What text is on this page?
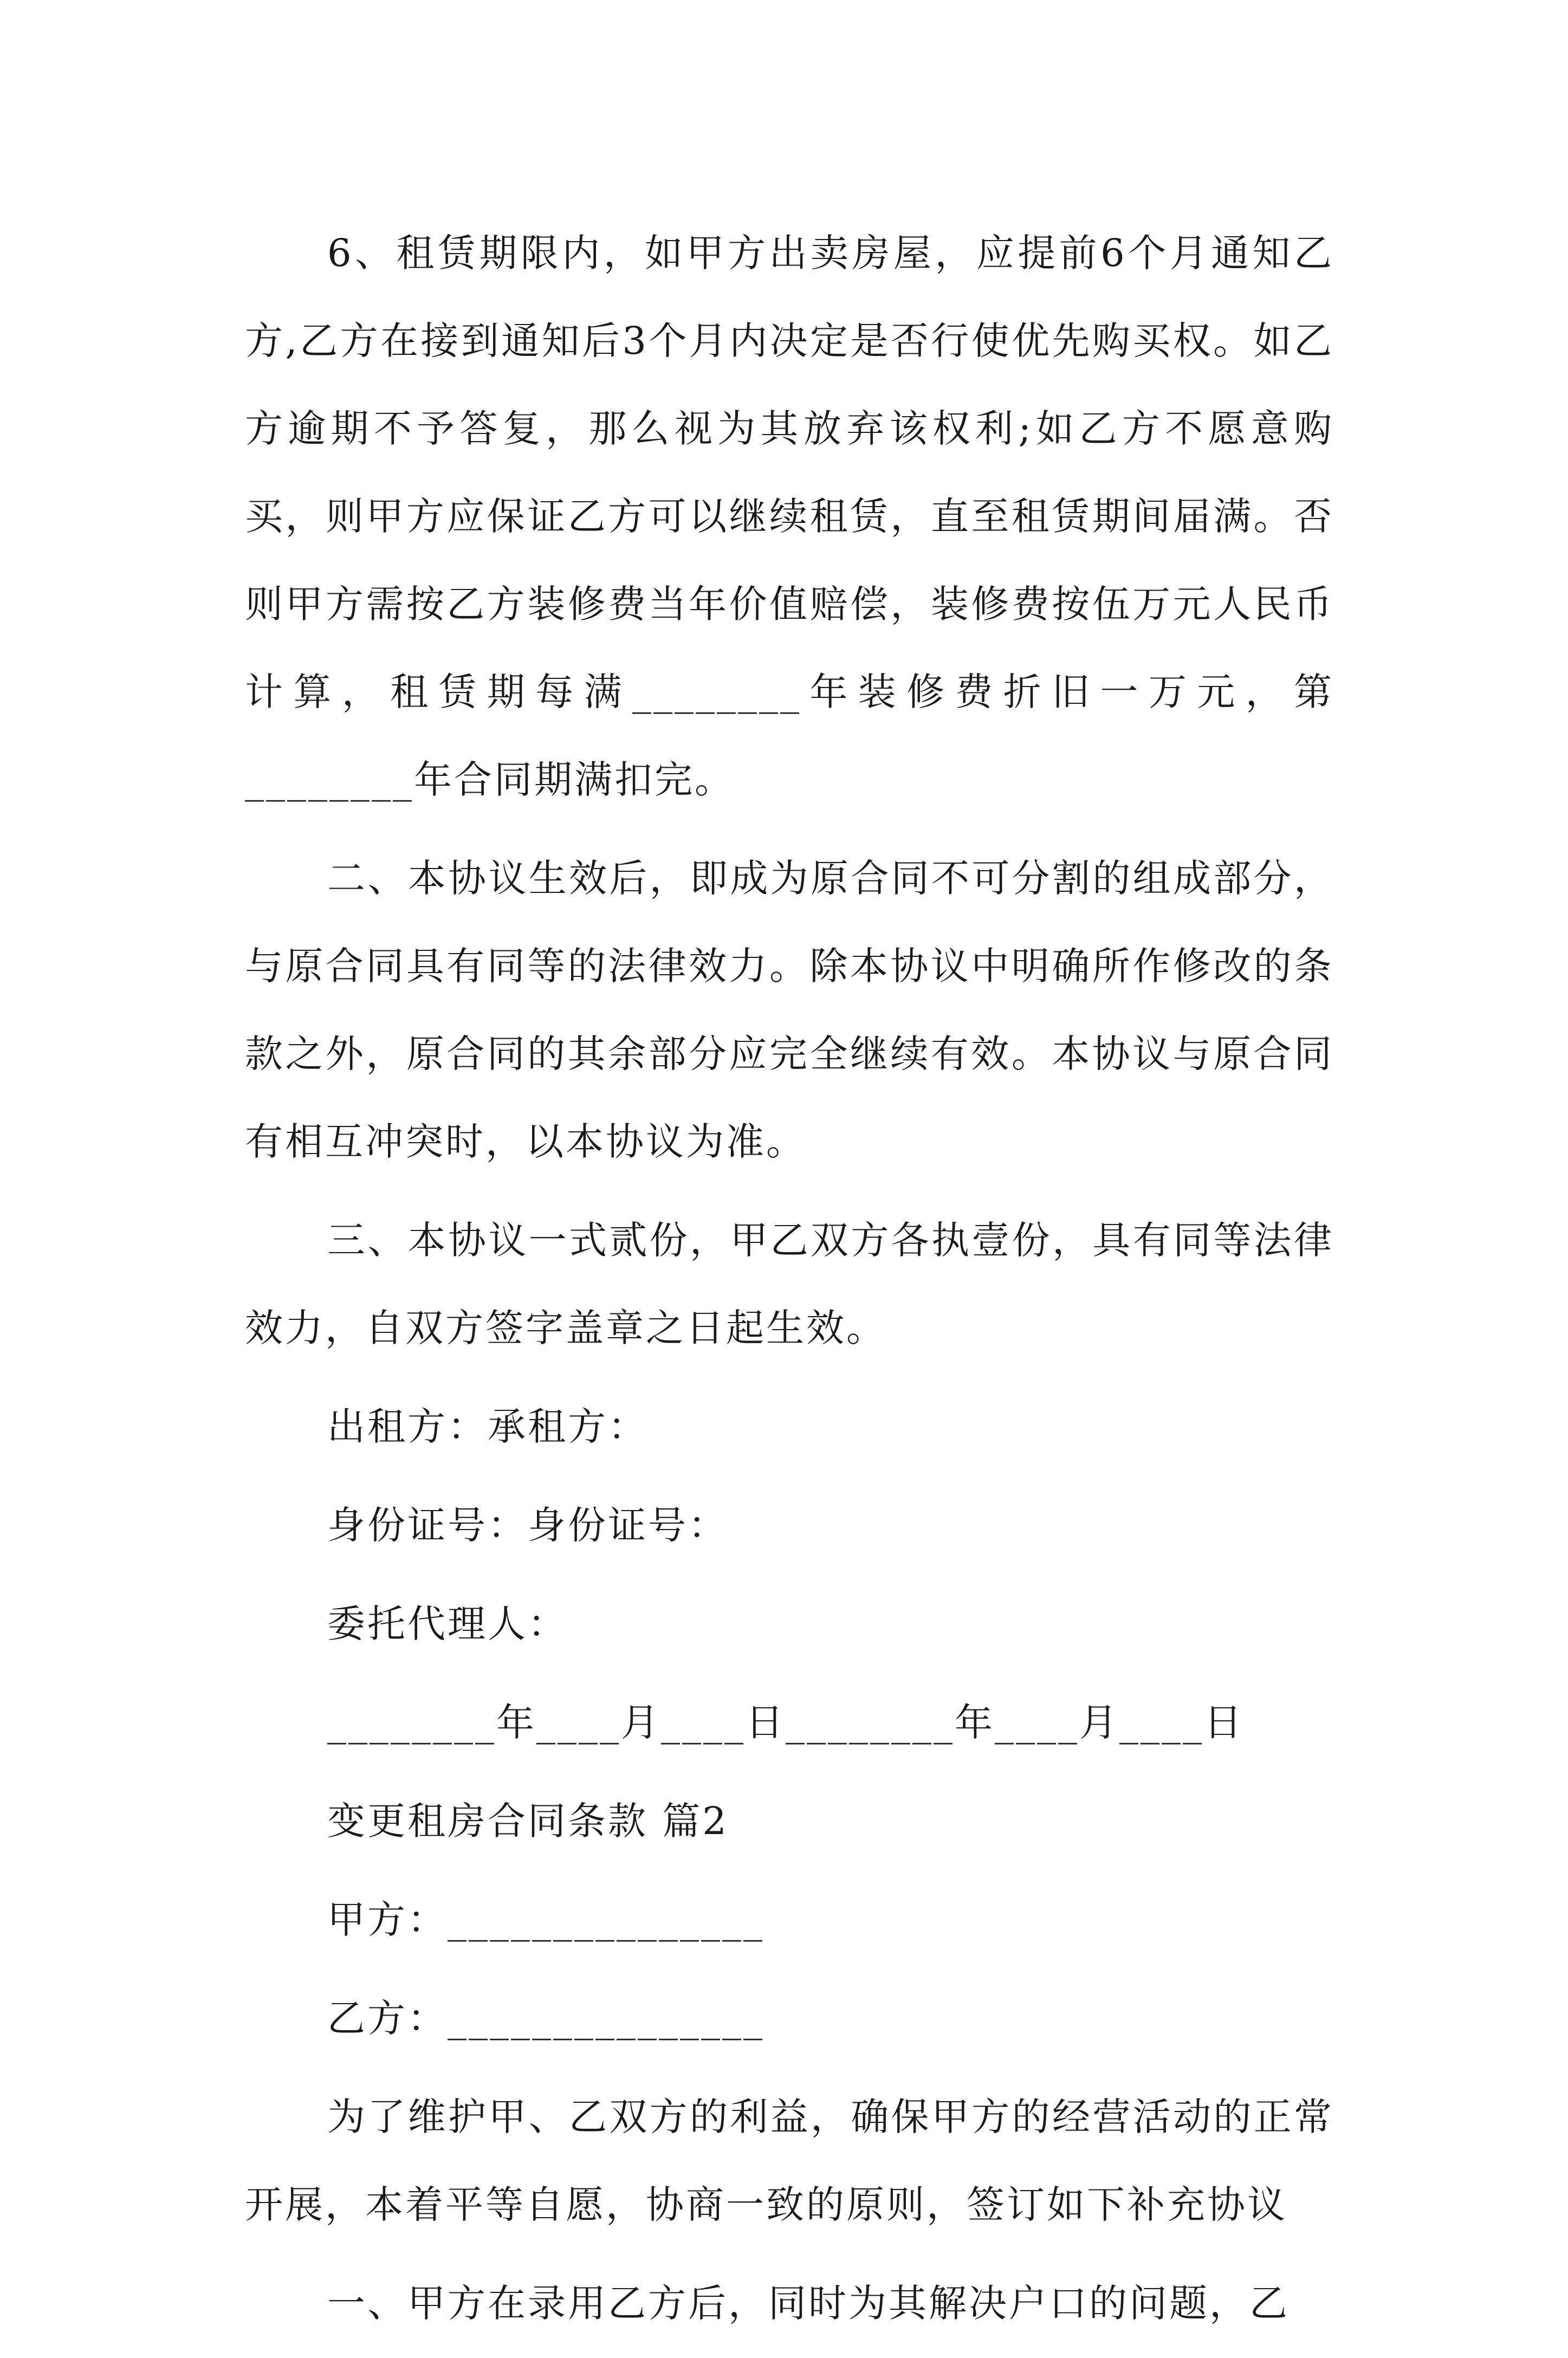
6、租赁期限内，如甲方出卖房屋，应提前6个月通知乙方,乙方在接到通知后3个月内决定是否行使优先购买权。如乙方逾期不予答复，那么视为其放弃该权利;如乙方不愿意购买，则甲方应保证乙方可以继续租赁，直至租赁期间届满。否则甲方需按乙方装修费当年价值赔偿，装修费按伍万元人民币计算，租赁期每满________年装修费折旧一万元，第________年合同期满扣完。

二、本协议生效后，即成为原合同不可分割的组成部分，与原合同具有同等的法律效力。除本协议中明确所作修改的条款之外，原合同的其余部分应完全继续有效。本协议与原合同有相互冲突时，以本协议为准。

三、本协议一式贰份，甲乙双方各执壹份，具有同等法律效力，自双方签字盖章之日起生效。

出租方：承租方：
身份证号：身份证号：
委托代理人：
________年____月____日________年____月____日
变更租房合同条款 篇2
甲方：_______________
乙方：_______________

为了维护甲、乙双方的利益，确保甲方的经营活动的正常开展，本着平等自愿，协商一致的原则，签订如下补充协议

一、甲方在录用乙方后，同时为其解决户口的问题，乙
